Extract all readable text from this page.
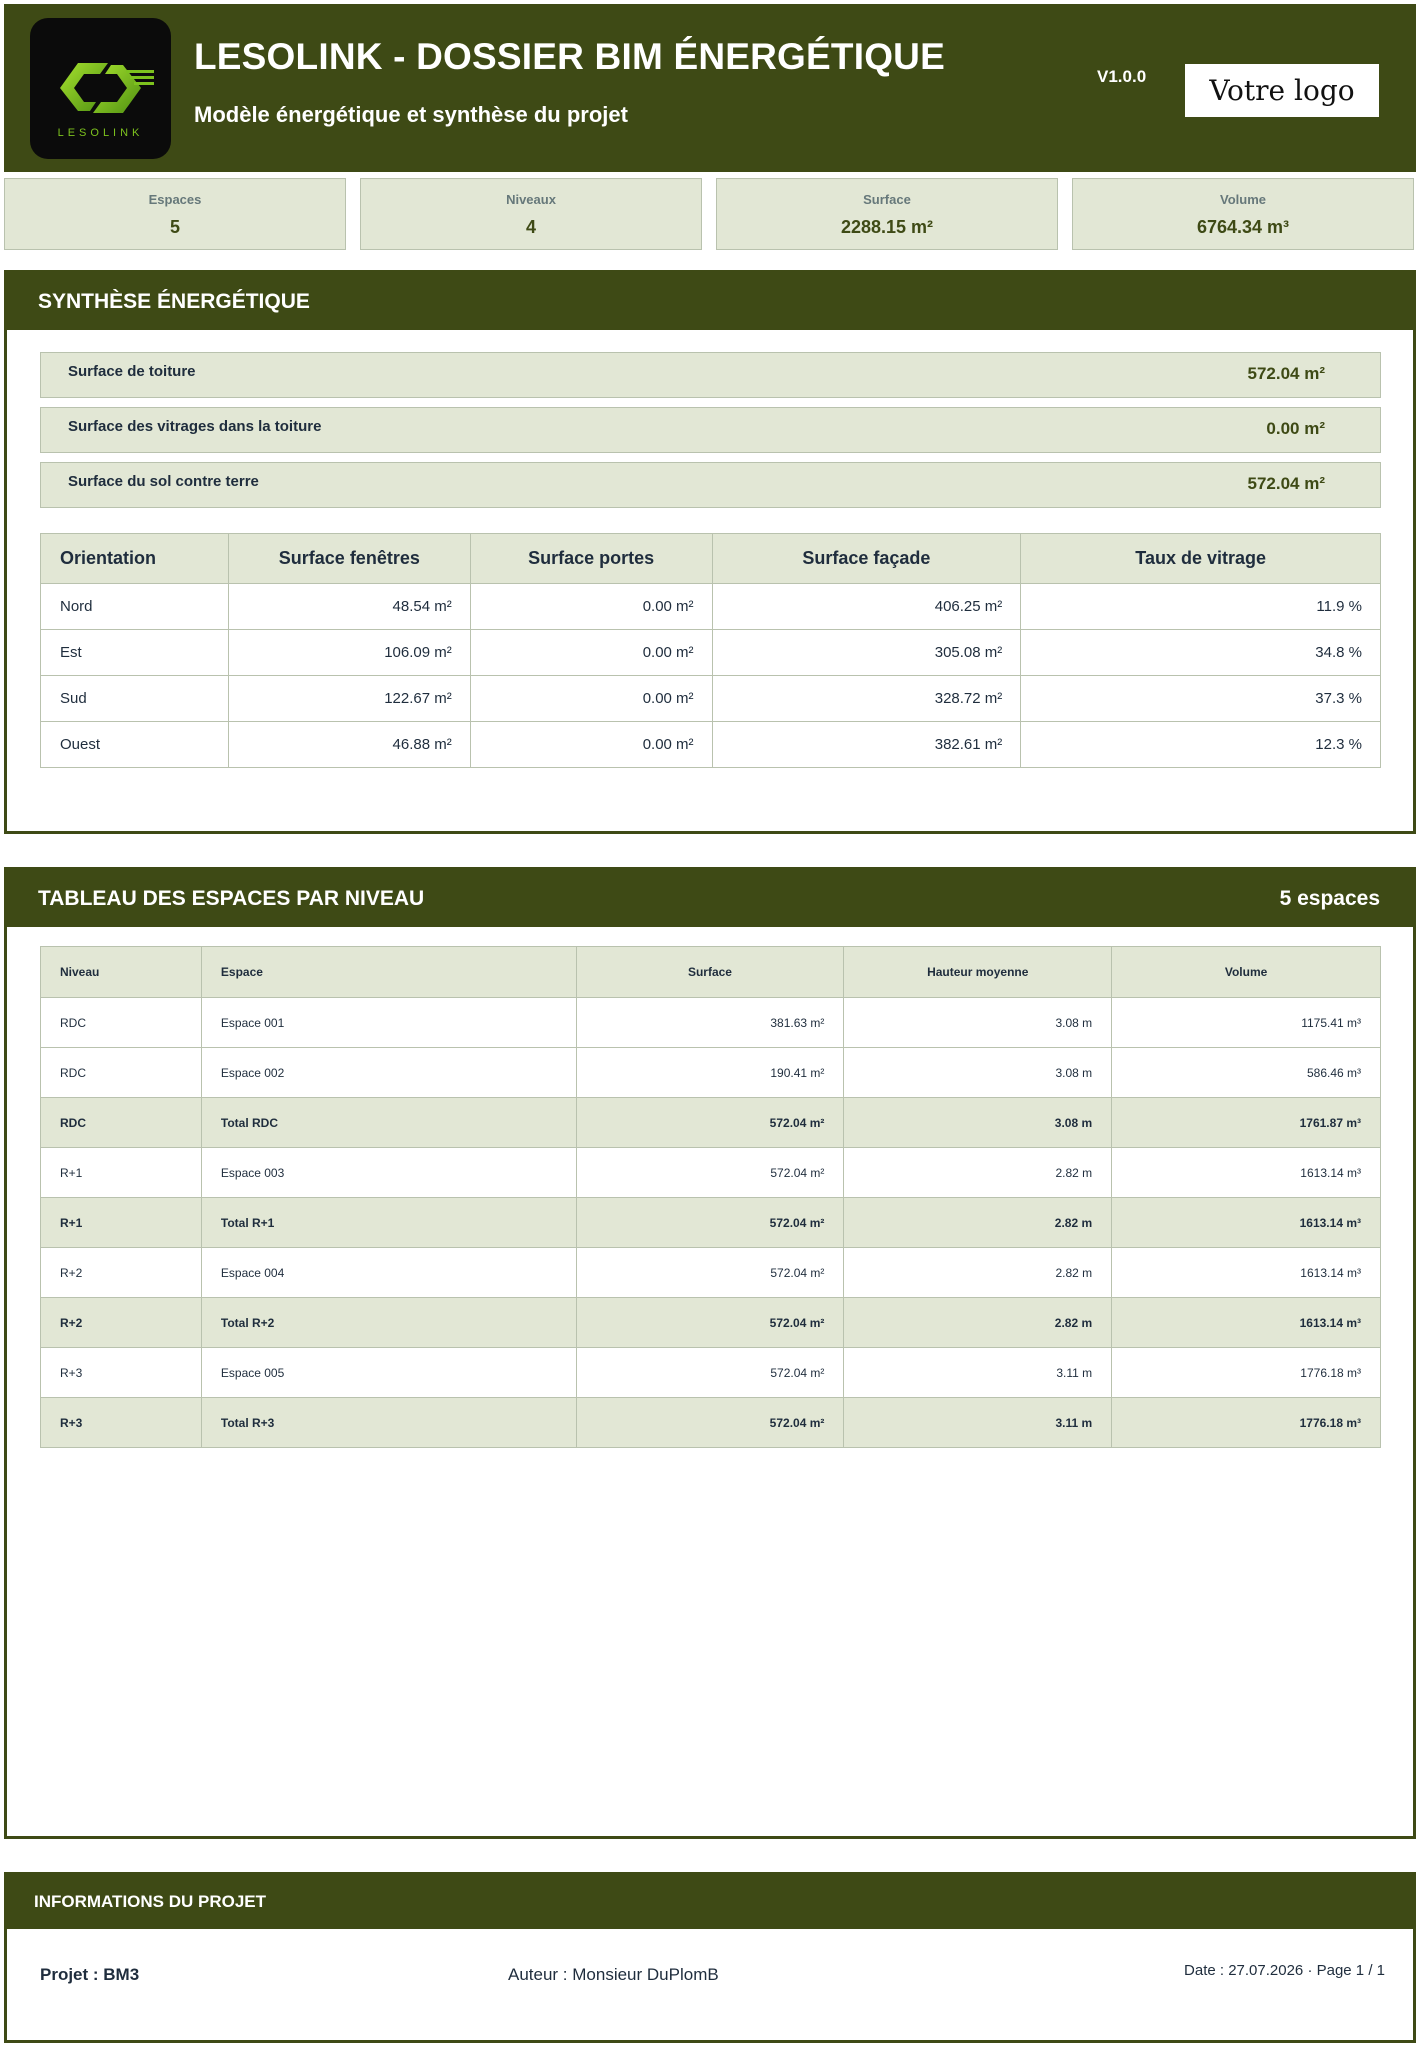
LESOLINK
LESOLINK - DOSSIER BIM ÉNERGÉTIQUE
Modèle énergétique et synthèse du projet
V1.0.0	Votre logo
Espaces
5
Niveaux
4
Surface
2288.15 m²
Volume
6764.34 m³
SYNTHÈSE ÉNERGÉTIQUE
Surface de toiture	572.04 m²
Surface des vitrages dans la toiture	0.00 m²
Surface du sol contre terre	572.04 m²
Orientation	Surface fenêtres	Surface portes	Surface façade	Taux de vitrage
Nord	48.54 m²	0.00 m²	406.25 m²	11.9 %
Est	106.09 m²	0.00 m²	305.08 m²	34.8 %
Sud	122.67 m²	0.00 m²	328.72 m²	37.3 %
Ouest	46.88 m²	0.00 m²	382.61 m²	12.3 %
TABLEAU DES ESPACES PAR NIVEAU	5 espaces
Niveau	Espace	Surface	Hauteur moyenne	Volume
RDC	Espace 001	381.63 m²	3.08 m	1175.41 m³
RDC	Espace 002	190.41 m²	3.08 m	586.46 m³
RDC	Total RDC	572.04 m²	3.08 m	1761.87 m³
R+1	Espace 003	572.04 m²	2.82 m	1613.14 m³
R+1	Total R+1	572.04 m²	2.82 m	1613.14 m³
R+2	Espace 004	572.04 m²	2.82 m	1613.14 m³
R+2	Total R+2	572.04 m²	2.82 m	1613.14 m³
R+3	Espace 005	572.04 m²	3.11 m	1776.18 m³
R+3	Total R+3	572.04 m²	3.11 m	1776.18 m³
INFORMATIONS DU PROJET
Projet : BM3	Auteur : Monsieur DuPlomB	Date : 27.07.2026 · Page 1 / 1
